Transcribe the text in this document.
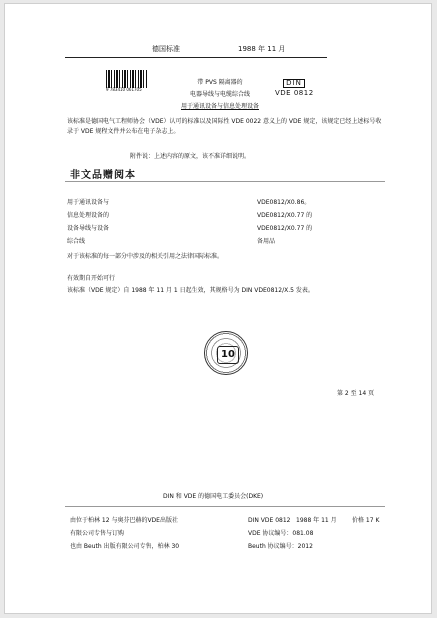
德国标准	1988 年 11 月
9 783410 061705
DIN
VDE 0812
带 PVS 隔离器的
电器导线与电缆综合线
用于通讯设备与信息处理设备
该标准是德国电气工程师协会（VDE）认可的标准以及国际性 VDE 0022 意义上的 VDE 规定，该规定已经上述标号收录于 VDE 规程文件并公布在电子杂志上。
附件说：上述内容的原文，该不准详细说明。
非文品赠阅本
用于通讯设备与	VDE0812/X0.86。
信息处理设备的	VDE0812/X0.77 的
设备导线与设备	VDE0812/X0.77 的
综合线	备用品
对于该标准的每一部分中涉及的相关引用之法律国际标准。
有效期自开始可行
该标准（VDE 规定）自 1988 年 11 月 1 日起生效，其规格号为 DIN VDE0812/X.5 发表。
10
第 2 至 14 页
DIN 和 VDE 的德国电工委员会(DKE)
由位于柏林 12 与奥芬巴赫的VDE出版社	DIN VDE 0812 1988 年 11 月	价格 17 K
有限公司专售与订购	VDE 协议编号：081.08
也由 Beuth 出版有限公司专售，柏林 30	Beuth 协议编号：2012
